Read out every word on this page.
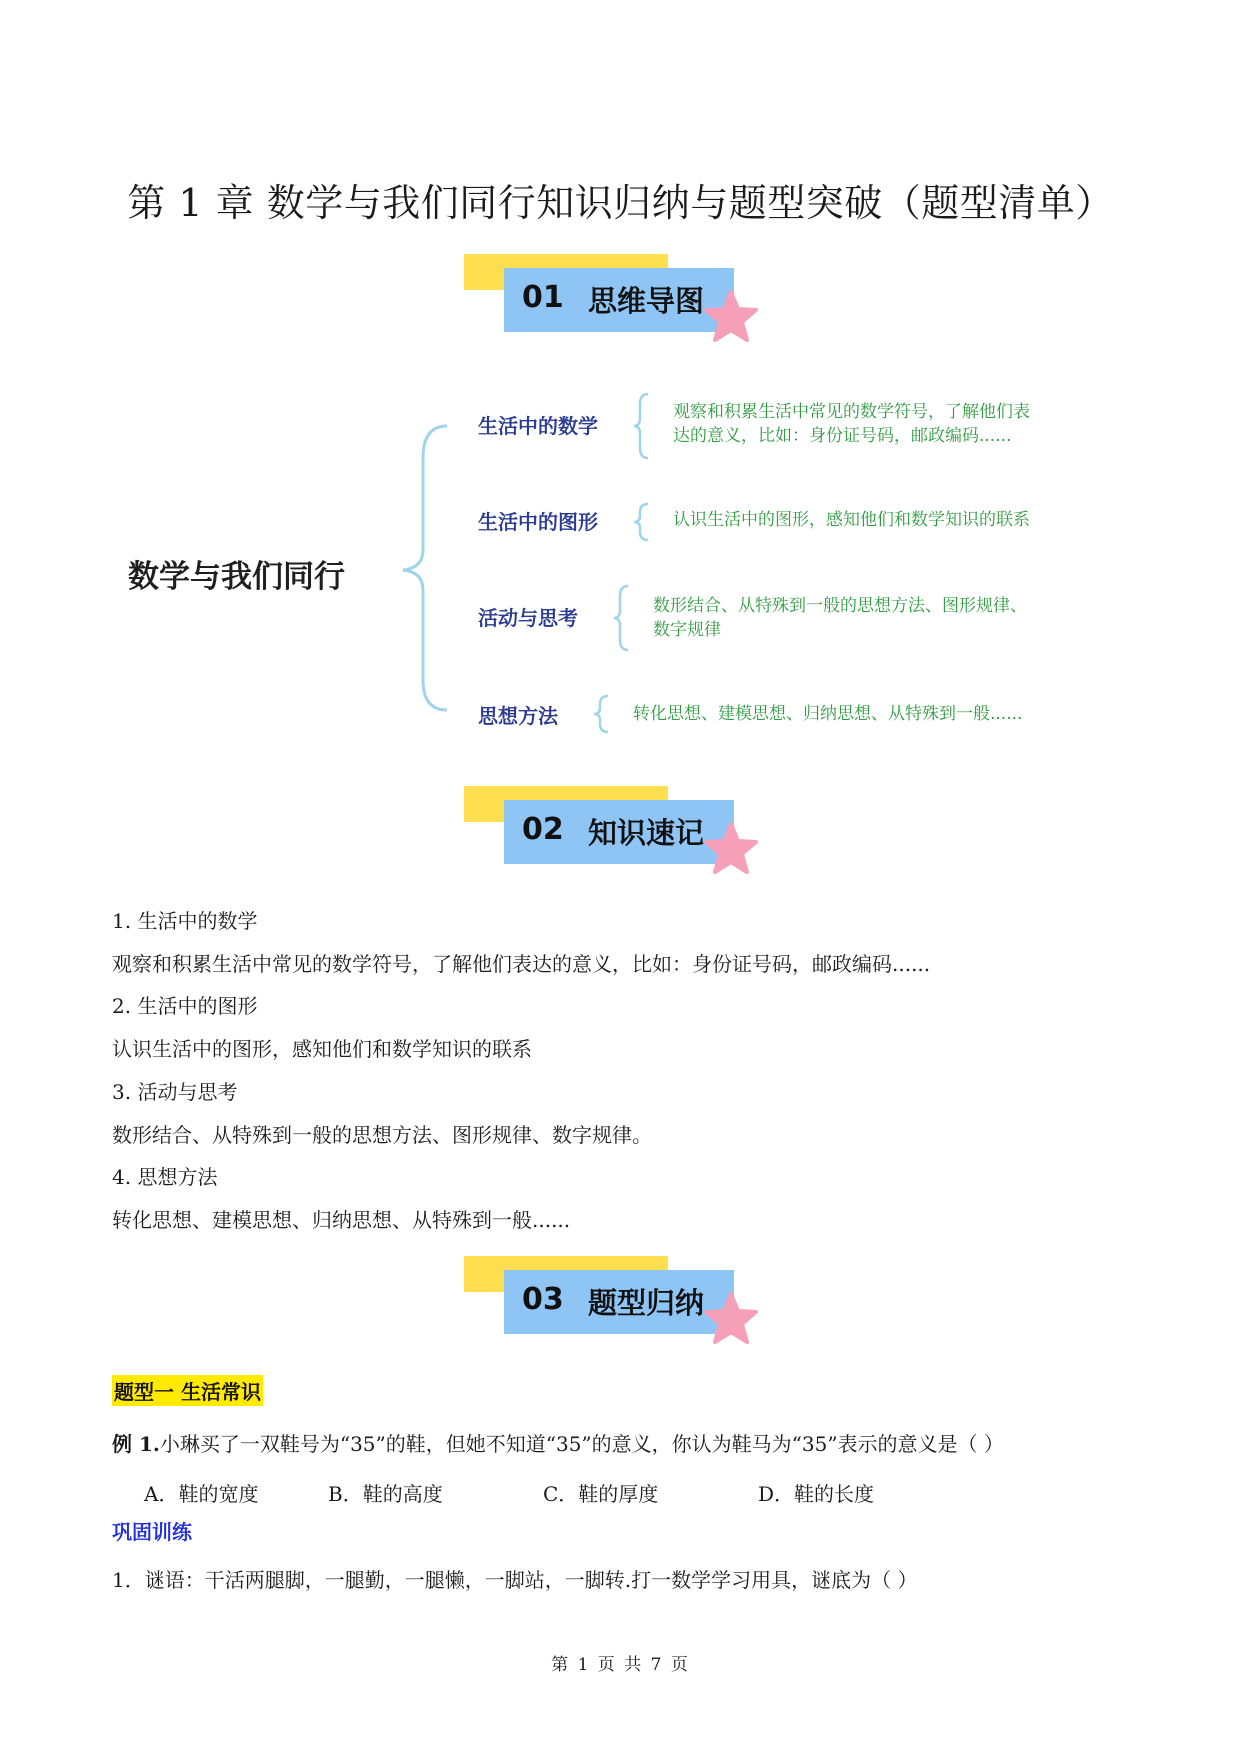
第 1 章 数学与我们同行知识归纳与题型突破（题型清单）
01 思维导图
数学与我们同行
生活中的数学
观察和积累生活中常见的数学符号，了解他们表
达的意义，比如：身份证号码，邮政编码......
生活中的图形	认识生活中的图形，感知他们和数学知识的联系
活动与思考	数形结合、从特殊到一般的思想方法、图形规律、
数字规律
思想方法	转化思想、建模思想、归纳思想、从特殊到一般......
02 知识速记
1. 生活中的数学
观察和积累生活中常见的数学符号，了解他们表达的意义，比如：身份证号码，邮政编码......
2. 生活中的图形
认识生活中的图形，感知他们和数学知识的联系
3. 活动与思考
数形结合、从特殊到一般的思想方法、图形规律、数字规律。
4. 思想方法
转化思想、建模思想、归纳思想、从特殊到一般......
03 题型归纳
题型一 生活常识
例 1.小琳买了一双鞋号为“35”的鞋，但她不知道“35”的意义，你认为鞋马为“35”表示的意义是（ ）
A．鞋的宽度	B．鞋的高度	C．鞋的厚度	D．鞋的长度
巩固训练
1．谜语：干活两腿脚，一腿勤，一腿懒，一脚站，一脚转.打一数学学习用具，谜底为（ ）
第 1 页 共 7 页
